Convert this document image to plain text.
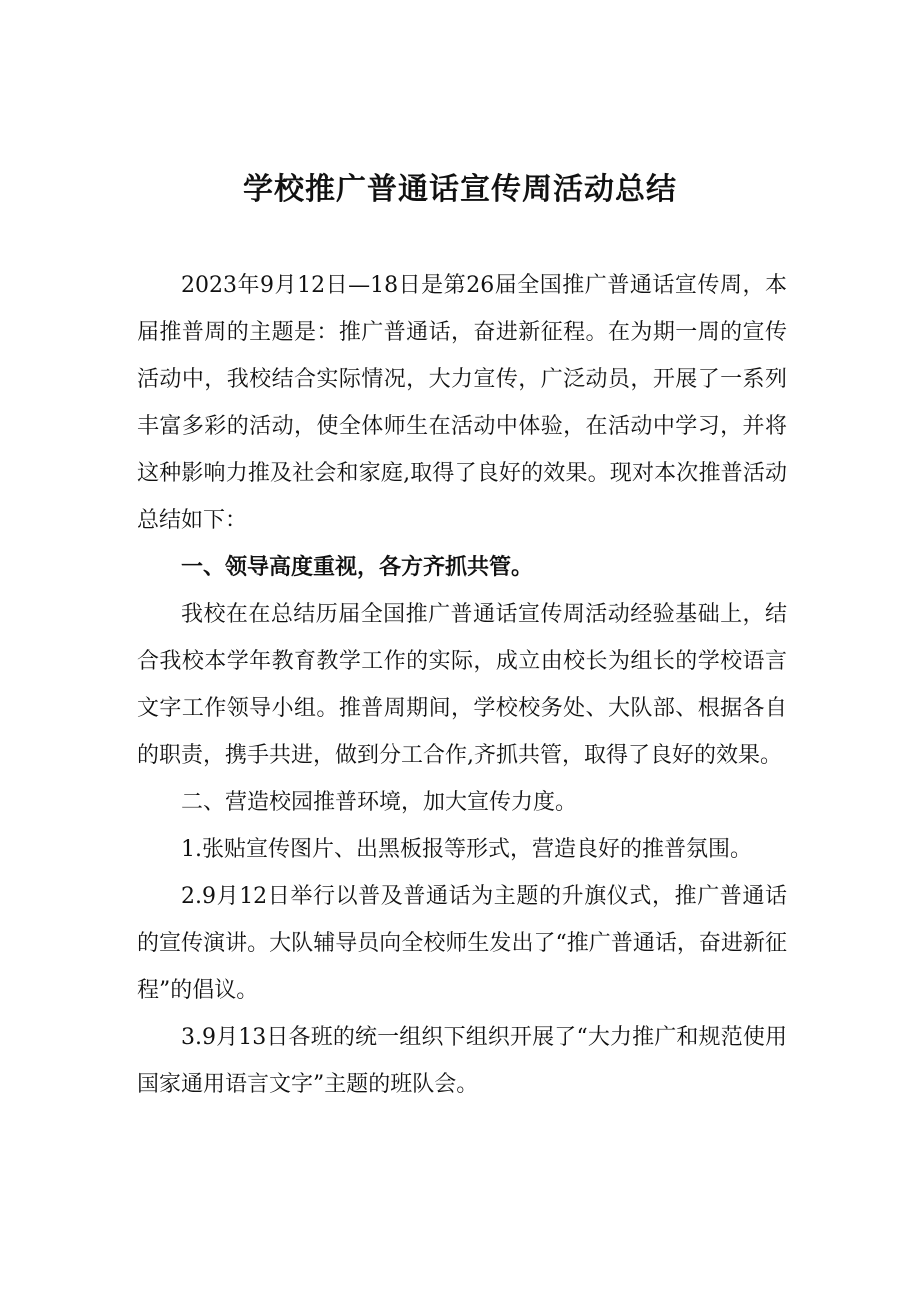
学校推广普通话宣传周活动总结

2023年9月12日—18日是第26届全国推广普通话宣传周，本届推普周的主题是：推广普通话，奋进新征程。在为期一周的宣传活动中，我校结合实际情况，大力宣传，广泛动员，开展了一系列丰富多彩的活动，使全体师生在活动中体验，在活动中学习，并将这种影响力推及社会和家庭,取得了良好的效果。现对本次推普活动总结如下：

一、领导高度重视，各方齐抓共管。

我校在在总结历届全国推广普通话宣传周活动经验基础上，结合我校本学年教育教学工作的实际，成立由校长为组长的学校语言文字工作领导小组。推普周期间，学校校务处、大队部、根据各自的职责，携手共进，做到分工合作,齐抓共管，取得了良好的效果。

二、营造校园推普环境，加大宣传力度。

1.张贴宣传图片、出黑板报等形式，营造良好的推普氛围。

2.9月12日举行以普及普通话为主题的升旗仪式，推广普通话的宣传演讲。大队辅导员向全校师生发出了“推广普通话，奋进新征程”的倡议。

3.9月13日各班的统一组织下组织开展了“大力推广和规范使用国家通用语言文字”主题的班队会。
